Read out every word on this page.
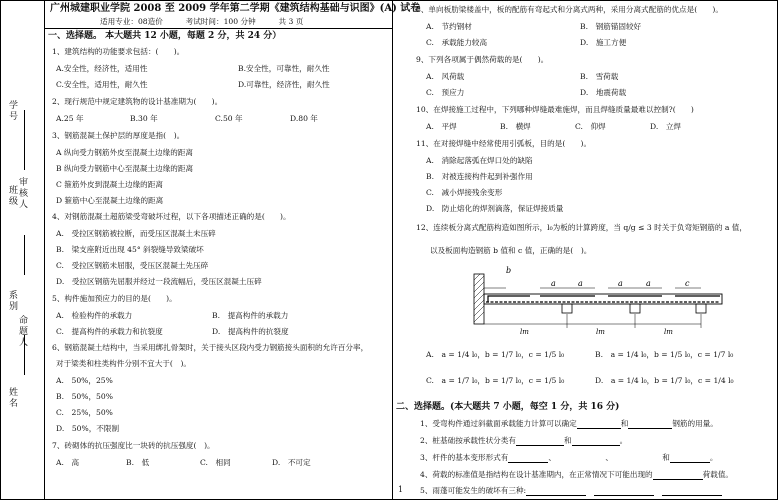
学号
班级 审核人
系别
命题人
姓名
广州城建职业学院 2008 至 2009 学年第二学期《建筑结构基础与识图》(A) 试卷
适用专业：08造价　　　考试时间：100 分钟　　　共 3 页
一、选择题。 本大题共 12 小题，每题 2 分，共 24 分）
1、建筑结构的功能要求包括：(　　)。
A.安全性，经济性，适用性	B.安全性，可靠性，耐久性
C.安全性，适用性，耐久性	D.可靠性，经济性，耐久性
2、现行规范中规定建筑物的设计基准期为(　　)。
A.25 年	B.30 年	C.50 年	D.80 年
3、钢筋混凝土保护层的厚度是指(　)。
A 纵向受力钢筋外皮至混凝土边缘的距离
B 纵向受力钢筋中心至混凝土边缘的距离
C 箍筋外皮到混凝土边缘的距离
D 箍筋中心至混凝土边缘的距离
4、对钢筋混凝土超筋梁受弯破坏过程，以下各项描述正确的是(　　)。
A.　受拉区钢筋被拉断，而受压区混凝土未压碎
B.　梁支座附近出现 45° 斜裂缝导致梁破坏
C.　受拉区钢筋未屈服，受压区混凝土先压碎
D.　受拉区钢筋先屈服并经过一段流幅后，受压区混凝土压碎
5、构件施加预应力的目的是(　　)。
A.　检验构件的承载力	B.　提高构件的承载力
C.　提高构件的承载力和抗裂度	D.　提高构件的抗裂度
6、钢筋混凝土结构中，当采用绑扎骨架时，关于接头区段内受力钢筋接头面积的允许百分率，
对于梁类和柱类构件分别不宜大于(　)。
A.　50%，25%
B.　50%，50%
C.　25%，50%
D.　50%，不限制
7、砖砌体的抗压强度比一块砖的抗压强度(　)。
A.　高	B.　低	C.　相同	D.　不可定
1
8、单向板肋梁楼盖中，板的配筋有弯起式和分离式两种，采用分离式配筋的优点是(　　)。
A.　节约钢材	B.　钢筋锚固较好
C.　承载能力较高	D.　施工方便
9、下列各项属于偶然荷载的是(　　)。
A.　风荷载	B.　雪荷载
C.　预应力	D.　地震荷载
10、在焊接施工过程中，下列哪种焊缝最难施焊，而且焊缝质量最难以控制?(　　)
A.　平焊	B.　横焊	C.　仰焊	D.　立焊
11、在对接焊缝中经常使用引弧板，目的是(　　)。
A.　消除起落弧在焊口处的缺陷
B.　对被连接构件起到补强作用
C.　减小焊接残余变形
D.　防止熔化的焊剂滴落，保证焊接质量
12、连续板分离式配筋构造如图所示，l₀为板的计算跨度，当 q/g ≤ 3 时关于负弯矩钢筋的 a 值，
以及板面构造钢筋 b 值和 c 值，正确的是(　)。
b
a	a	a	c
a
lm	lm	lm
A.　a = 1/4 l₀，b = 1/7 l₀，c = 1/5 l₀	B.　a = 1/4 l₀，b = 1/5 l₀，c = 1/7 l₀
C.　a = 1/7 l₀，b = 1/7 l₀，c = 1/5 l₀	D.　a = 1/4 l₀，b = 1/7 l₀，c = 1/4 l₀
二、选择题。(本大题共 7 小题，每空 1 分，共 16 分)
1、受弯构件通过斜截面承载能力计算可以确定	和	钢筋的用量。
2、桩基础按承载性状分类有	和	。
3、杆件的基本变形形式有	、　　　　　　　、　　　　　　　和	。
4、荷载的标准值是指结构在设计基准期内，在正常情况下可能出现的	荷载值。
5、雨蓬可能发生的破坏有三种:
